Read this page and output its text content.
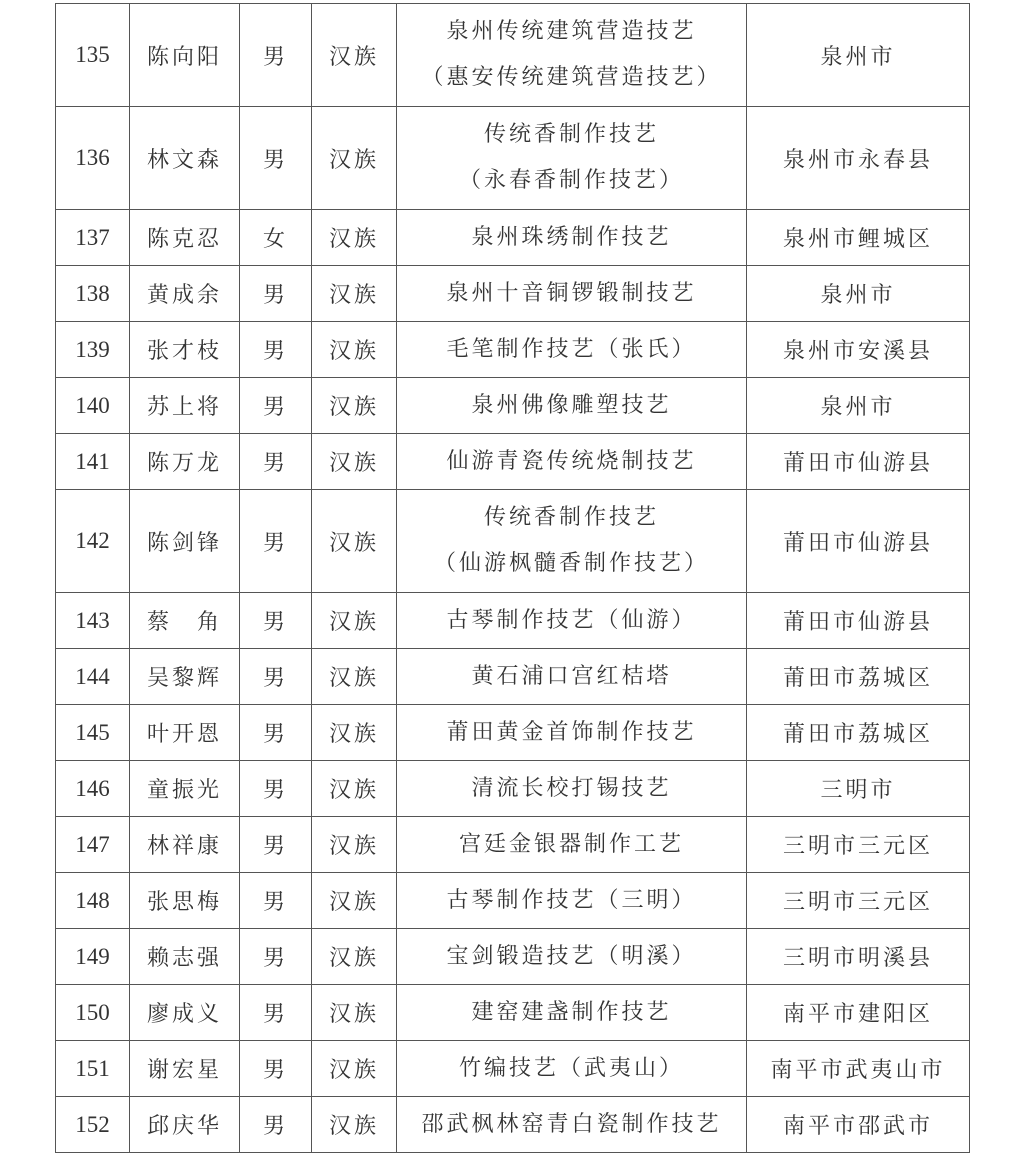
135	陈向阳	男	汉族	泉州传统建筑营造技艺
（惠安传统建筑营造技艺）	泉州市
136	林文森	男	汉族	传统香制作技艺
（永春香制作技艺）	泉州市永春县
137	陈克忍	女	汉族	泉州珠绣制作技艺	泉州市鲤城区
138	黄成余	男	汉族	泉州十音铜锣锻制技艺	泉州市
139	张才枝	男	汉族	毛笔制作技艺（张氏）	泉州市安溪县
140	苏上将	男	汉族	泉州佛像雕塑技艺	泉州市
141	陈万龙	男	汉族	仙游青瓷传统烧制技艺	莆田市仙游县
142	陈剑锋	男	汉族	传统香制作技艺
（仙游枫髓香制作技艺）	莆田市仙游县
143	蔡　角	男	汉族	古琴制作技艺（仙游）	莆田市仙游县
144	吴黎辉	男	汉族	黄石浦口宫红桔塔	莆田市荔城区
145	叶开恩	男	汉族	莆田黄金首饰制作技艺	莆田市荔城区
146	童振光	男	汉族	清流长校打锡技艺	三明市
147	林祥康	男	汉族	宫廷金银器制作工艺	三明市三元区
148	张思梅	男	汉族	古琴制作技艺（三明）	三明市三元区
149	赖志强	男	汉族	宝剑锻造技艺（明溪）	三明市明溪县
150	廖成义	男	汉族	建窑建盏制作技艺	南平市建阳区
151	谢宏星	男	汉族	竹编技艺（武夷山）	南平市武夷山市
152	邱庆华	男	汉族	邵武枫林窑青白瓷制作技艺	南平市邵武市
